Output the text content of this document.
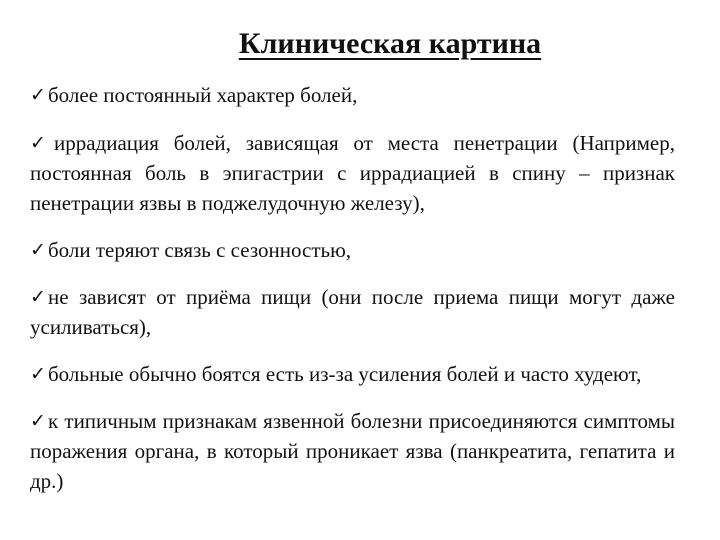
Клиническая картина
✓более постоянный характер болей,
✓ иррадиация болей, зависящая от места пенетрации (Например, постоянная боль в эпигастрии с иррадиацией в спину – признак пенетрации язвы в поджелудочную железу),
✓боли теряют связь с сезонностью,
✓не зависят от приёма пищи (они после приема пищи могут даже усиливаться),
✓больные обычно боятся есть из-за усиления болей и часто худеют,
✓к типичным признакам язвенной болезни присоединяются симптомы поражения органа, в который проникает язва (панкреатита, гепатита и др.)
